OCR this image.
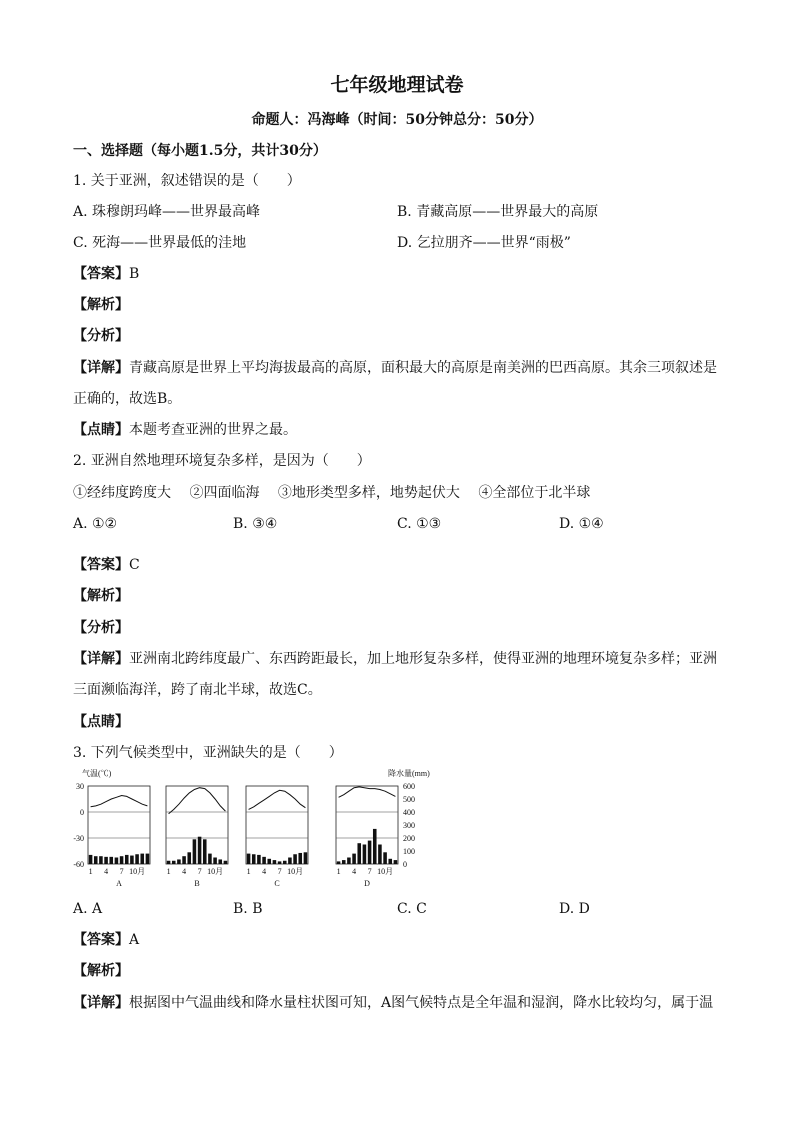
七年级地理试卷
命题人：冯海峰（时间：50分钟总分：50分）
一、选择题（每小题1.5分，共计30分）
1. 关于亚洲，叙述错误的是（　　）
A. 珠穆朗玛峰——世界最高峰	B. 青藏高原——世界最大的高原
C. 死海——世界最低的洼地	D. 乞拉朋齐——世界“雨极”
【答案】B
【解析】
【分析】
【详解】青藏高原是世界上平均海拔最高的高原，面积最大的高原是南美洲的巴西高原。其余三项叙述是
正确的，故选B。
【点睛】本题考查亚洲的世界之最。
2. 亚洲自然地理环境复杂多样，是因为（　　）
①经纬度跨度大　 ②四面临海　 ③地形类型多样，地势起伏大　 ④全部位于北半球
A. ①②	B. ③④	C. ①③	D. ①④
【答案】C
【解析】
【分析】
【详解】亚洲南北跨纬度最广、东西跨距最长，加上地形复杂多样，使得亚洲的地理环境复杂多样；亚洲
三面濒临海洋，跨了南北半球，故选C。
【点睛】
3. 下列气候类型中，亚洲缺失的是（　　）
气温(℃)	降水量(mm)
30
0
-30
-60
600
500
400
300
200
100
0
1 4 7 10月
A
1 4 7 10月
B
1 4 7 10月
C
1 4 7 10月
D
A. A	B. B	C. C	D. D
【答案】A
【解析】
【详解】根据图中气温曲线和降水量柱状图可知，A图气候特点是全年温和湿润，降水比较均匀，属于温
